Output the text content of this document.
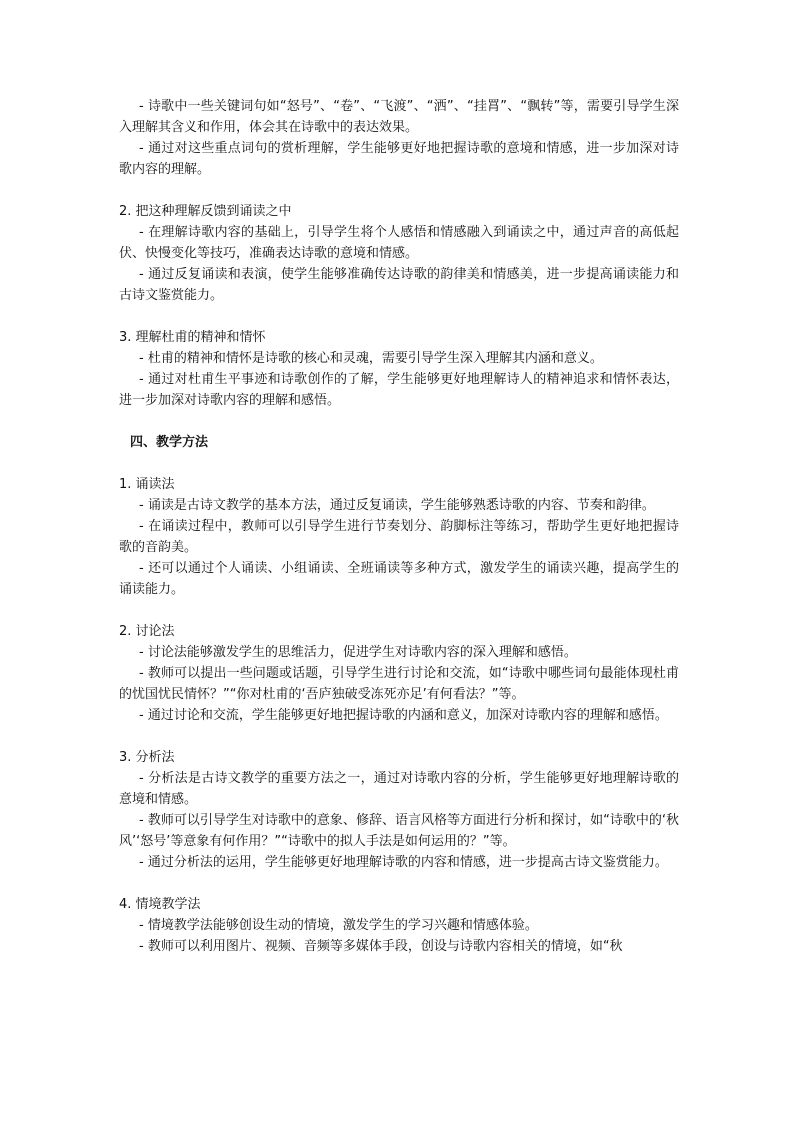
- 诗歌中一些关键词句如“怒号”、“卷”、“飞渡”、“洒”、“挂罥”、“飘转”等，需要引导学生深入理解其含义和作用，体会其在诗歌中的表达效果。
- 通过对这些重点词句的赏析理解，学生能够更好地把握诗歌的意境和情感，进一步加深对诗歌内容的理解。
2. 把这种理解反馈到诵读之中
- 在理解诗歌内容的基础上，引导学生将个人感悟和情感融入到诵读之中，通过声音的高低起伏、快慢变化等技巧，准确表达诗歌的意境和情感。
- 通过反复诵读和表演，使学生能够准确传达诗歌的韵律美和情感美，进一步提高诵读能力和古诗文鉴赏能力。
3. 理解杜甫的精神和情怀
- 杜甫的精神和情怀是诗歌的核心和灵魂，需要引导学生深入理解其内涵和意义。
- 通过对杜甫生平事迹和诗歌创作的了解，学生能够更好地理解诗人的精神追求和情怀表达，进一步加深对诗歌内容的理解和感悟。
四、教学方法
1. 诵读法
- 诵读是古诗文教学的基本方法，通过反复诵读，学生能够熟悉诗歌的内容、节奏和韵律。
- 在诵读过程中，教师可以引导学生进行节奏划分、韵脚标注等练习，帮助学生更好地把握诗歌的音韵美。
- 还可以通过个人诵读、小组诵读、全班诵读等多种方式，激发学生的诵读兴趣，提高学生的诵读能力。
2. 讨论法
- 讨论法能够激发学生的思维活力，促进学生对诗歌内容的深入理解和感悟。
- 教师可以提出一些问题或话题，引导学生进行讨论和交流，如“诗歌中哪些词句最能体现杜甫的忧国忧民情怀？”“你对杜甫的‘吾庐独破受冻死亦足’有何看法？”等。
- 通过讨论和交流，学生能够更好地把握诗歌的内涵和意义，加深对诗歌内容的理解和感悟。
3. 分析法
- 分析法是古诗文教学的重要方法之一，通过对诗歌内容的分析，学生能够更好地理解诗歌的意境和情感。
- 教师可以引导学生对诗歌中的意象、修辞、语言风格等方面进行分析和探讨，如“诗歌中的‘秋风’‘怒号’等意象有何作用？”“诗歌中的拟人手法是如何运用的？”等。
- 通过分析法的运用，学生能够更好地理解诗歌的内容和情感，进一步提高古诗文鉴赏能力。
4. 情境教学法
- 情境教学法能够创设生动的情境，激发学生的学习兴趣和情感体验。
- 教师可以利用图片、视频、音频等多媒体手段，创设与诗歌内容相关的情境，如“秋
